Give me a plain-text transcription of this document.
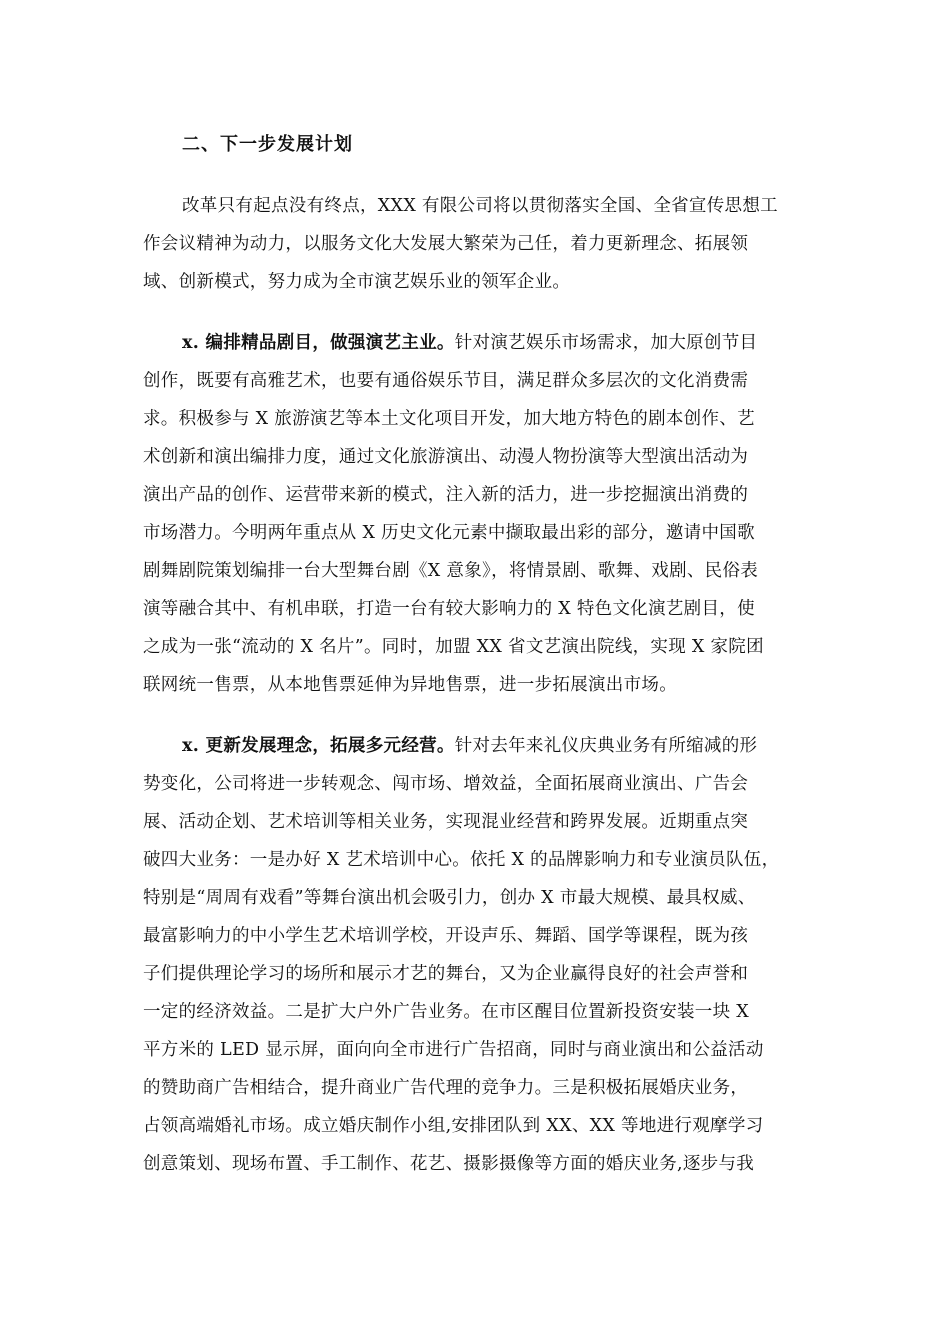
二、下一步发展计划
改革只有起点没有终点，XXX 有限公司将以贯彻落实全国、全省宣传思想工
作会议精神为动力，以服务文化大发展大繁荣为己任，着力更新理念、拓展领
域、创新模式，努力成为全市演艺娱乐业的领军企业。
x. 编排精品剧目，做强演艺主业。针对演艺娱乐市场需求，加大原创节目
创作，既要有高雅艺术，也要有通俗娱乐节目，满足群众多层次的文化消费需
求。积极参与 X 旅游演艺等本土文化项目开发，加大地方特色的剧本创作、艺
术创新和演出编排力度，通过文化旅游演出、动漫人物扮演等大型演出活动为
演出产品的创作、运营带来新的模式，注入新的活力，进一步挖掘演出消费的
市场潜力。今明两年重点从 X 历史文化元素中撷取最出彩的部分，邀请中国歌
剧舞剧院策划编排一台大型舞台剧《X 意象》，将情景剧、歌舞、戏剧、民俗表
演等融合其中、有机串联，打造一台有较大影响力的 X 特色文化演艺剧目，使
之成为一张“流动的 X 名片”。同时，加盟 XX 省文艺演出院线，实现 X 家院团
联网统一售票，从本地售票延伸为异地售票，进一步拓展演出市场。
x. 更新发展理念，拓展多元经营。针对去年来礼仪庆典业务有所缩减的形
势变化，公司将进一步转观念、闯市场、增效益，全面拓展商业演出、广告会
展、活动企划、艺术培训等相关业务，实现混业经营和跨界发展。近期重点突
破四大业务：一是办好 X 艺术培训中心。依托 X 的品牌影响力和专业演员队伍，
特别是“周周有戏看”等舞台演出机会吸引力，创办 X 市最大规模、最具权威、
最富影响力的中小学生艺术培训学校，开设声乐、舞蹈、国学等课程，既为孩
子们提供理论学习的场所和展示才艺的舞台，又为企业赢得良好的社会声誉和
一定的经济效益。二是扩大户外广告业务。在市区醒目位置新投资安装一块 X
平方米的 LED 显示屏，面向向全市进行广告招商，同时与商业演出和公益活动
的赞助商广告相结合，提升商业广告代理的竞争力。三是积极拓展婚庆业务，
占领高端婚礼市场。成立婚庆制作小组,安排团队到 XX、XX 等地进行观摩学习
创意策划、现场布置、手工制作、花艺、摄影摄像等方面的婚庆业务,逐步与我
